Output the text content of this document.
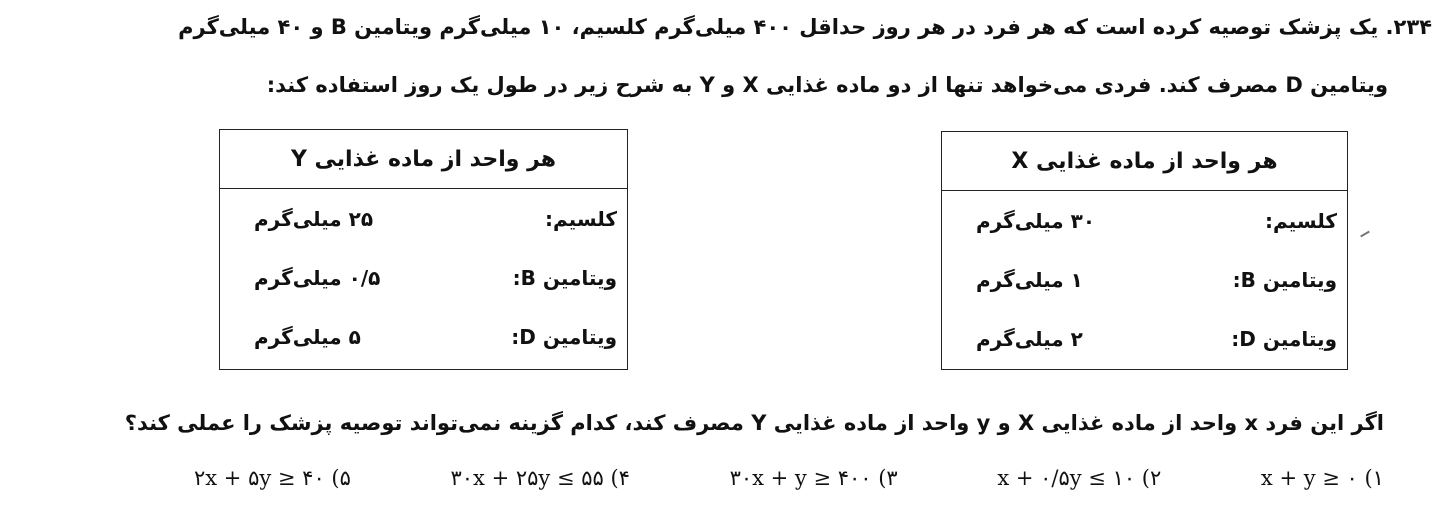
۲۳۴. یک پزشک توصیه کرده است که هر فرد در هر روز حداقل ۴۰۰ میلی‌گرم کلسیم، ۱۰ میلی‌گرم ویتامین B و ۴۰ میلی‌گرم
ویتامین D مصرف کند. فردی می‌خواهد تنها از دو ماده غذایی X و Y به شرح زیر در طول یک روز استفاده کند:
هر واحد از ماده غذایی X
کلسیم:
۳۰ میلی‌گرم
ویتامین B:
۱ میلی‌گرم
ویتامین D:
۲ میلی‌گرم
هر واحد از ماده غذایی Y
کلسیم:
۲۵ میلی‌گرم
ویتامین B:
۰/۵ میلی‌گرم
ویتامین D:
۵ میلی‌گرم
اگر این فرد x واحد از ماده غذایی X و y واحد از ماده غذایی Y مصرف کند، کدام گزینه نمی‌تواند توصیه پزشک را عملی کند؟
x + y ≥ ۰ (۱
x + ۰/۵y ≤ ۱۰ (۲
۳۰x + y ≥ ۴۰۰ (۳
۳۰x + ۲۵y ≤ ۵۵ (۴
۲x + ۵y ≥ ۴۰ (۵
